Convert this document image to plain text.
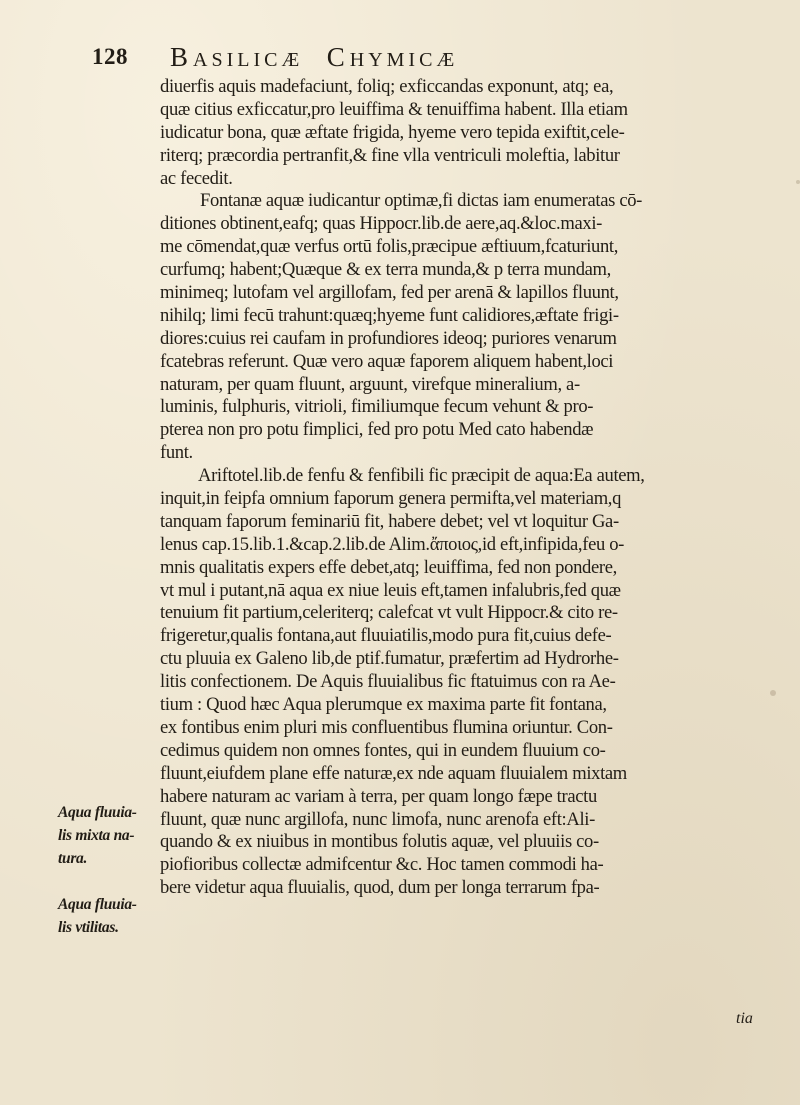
128 BASILICÆ CHYMICÆ
diuerfis aquis madefaciunt, foliq; exficcandas exponunt, atq; ea,
quæ citius exficcatur,pro leuiffima & tenuiffima habent. Illa etiam
iudicatur bona, quæ æftate frigida, hyeme vero tepida exiftit,cele-
riterq; præcordia pertranfit,& fine vlla ventriculi moleftia, labitur
ac fecedit.
Fontanæ aquæ iudicantur optimæ,fi dictas iam enumeratas cō-
ditiones obtinent,eafq; quas Hippocr.lib.de aere,aq.&loc.maxi-
me cōmendat,quæ verfus ortū folis,præcipue æftiuum,fcaturiunt,
curfumq; habent;Quæque & ex terra munda,& p terra mundam,
minimeq; lutofam vel argillofam, fed per arenā & lapillos fluunt,
nihilq; limi fecū trahunt:quæq;hyeme funt calidiores,æftate frigi-
diores:cuius rei caufam in profundiores ideoq; puriores venarum
fcatebras referunt. Quæ vero aquæ faporem aliquem habent,loci
naturam, per quam fluunt, arguunt, virefque mineralium, a-
luminis, fulphuris, vitrioli, fimiliumque fecum vehunt & pro-
pterea non pro potu fimplici, fed pro potu Med cato habendæ
funt.
Ariftotel.lib.de fenfu & fenfibili fic præcipit de aqua:Ea autem,
inquit,in feipfa omnium faporum genera permifta,vel materiam,q
tanquam faporum feminariū fit, habere debet; vel vt loquitur Ga-
lenus cap.15.lib.1.&cap.2.lib.de Alim.ἄποιος,id eft,infipida,feu o-
mnis qualitatis expers effe debet,atq; leuiffima, fed non pondere,
vt mul i putant,nā aqua ex niue leuis eft,tamen infalubris,fed quæ
tenuium fit partium,celeriterq; calefcat vt vult Hippocr.& cito re-
frigeretur,qualis fontana,aut fluuiatilis,modo pura fit,cuius defe-
ctu pluuia ex Galeno lib,de ptif.fumatur, præfertim ad Hydrorhe-
litis confectionem. De Aquis fluuialibus fic ftatuimus con ra Ae-
tium : Quod hæc Aqua plerumque ex maxima parte fit fontana,
ex fontibus enim pluri mis confluentibus flumina oriuntur. Con-
cedimus quidem non omnes fontes, qui in eundem fluuium co-
fluunt,eiufdem plane effe naturæ,ex nde aquam fluuialem mixtam
habere naturam ac variam à terra, per quam longo fæpe tractu
fluunt, quæ nunc argillofa, nunc limofa, nunc arenofa eft:Ali-
quando & ex niuibus in montibus folutis aquæ, vel pluuiis co-
piofioribus collectæ admifcentur &c. Hoc tamen commodi ha-
bere videtur aqua fluuialis, quod, dum per longa terrarum fpa-
Aqua fluuia-
lis mixta na-
tura.
Aqua fluuia-
lis vtilitas.
tia
